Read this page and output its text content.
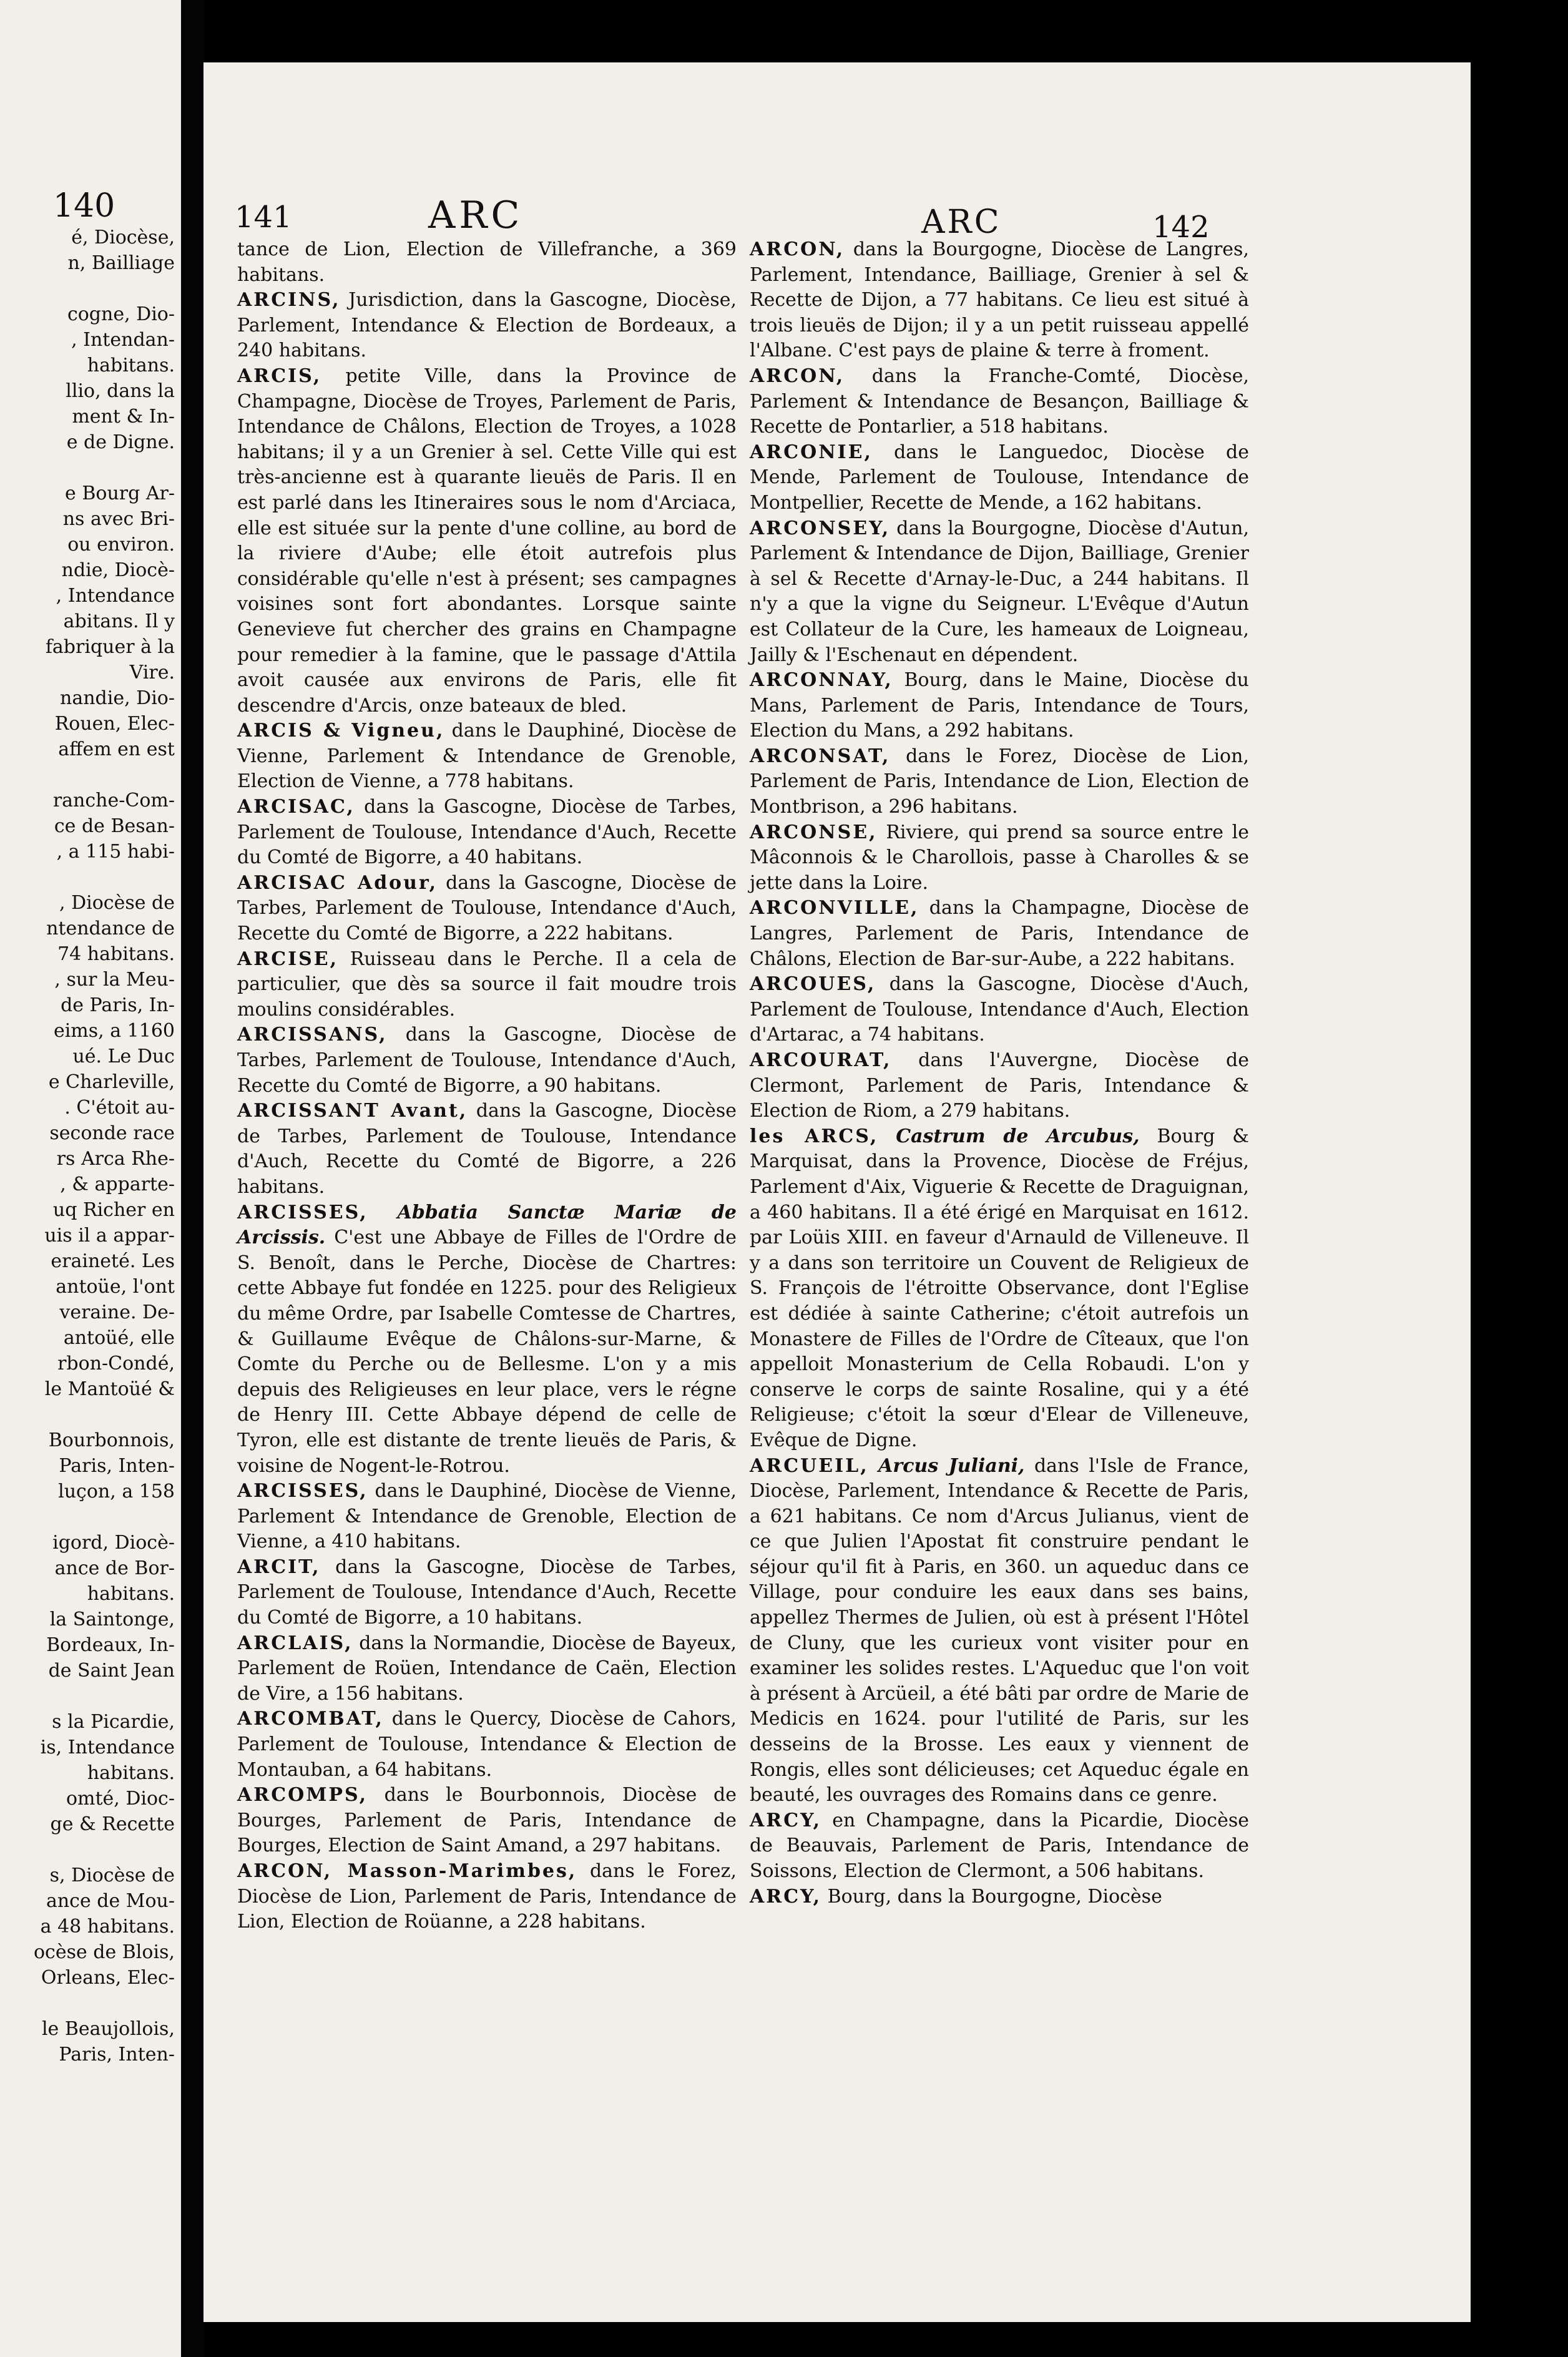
140
é, Diocèse,
n, Bailliage

cogne, Dio-
, Intendan-
habitans.
llio, dans la
ment & In-
e de Digne.

e Bourg Ar-
ns avec Bri-
ou environ.
ndie, Diocè-
, Intendance
abitans. Il y
fabriquer à la
Vire.
nandie, Dio-
Rouen, Elec-
affem en est

ranche-Com-
ce de Besan-
, a 115 habi-

, Diocèse de
ntendance de
74 habitans.
, sur la Meu-
de Paris, In-
eims, a 1160
ué. Le Duc
e Charleville,
. C'étoit au-
seconde race
rs Arca Rhe-
, & apparte-
uq Richer en
uis il a appar-
eraineté. Les
antoüe, l'ont
veraine. De-
antoüé, elle
rbon-Condé,
le Mantoüé &

Bourbonnois,
Paris, Inten-
luçon, a 158

igord, Diocè-
ance de Bor-
habitans.
la Saintonge,
Bordeaux, In-
de Saint Jean

s la Picardie,
is, Intendance
habitans.
omté, Dioc-
ge & Recette

s, Diocèse de
ance de Mou-
a 48 habitans.
ocèse de Blois,
Orleans, Elec-

le Beaujollois,
Paris, Inten-
141	ARC	ARC	142

tance de Lion, Election de Villefranche, a 369 habitans.

ARCINS, Jurisdiction, dans la Gascogne, Diocèse, Parlement, Intendance & Election de Bordeaux, a 240 habitans.

ARCIS, petite Ville, dans la Province de Champagne, Diocèse de Troyes, Parlement de Paris, Intendance de Châlons, Election de Troyes, a 1028 habitans; il y a un Grenier à sel. Cette Ville qui est très-ancienne est à quarante lieuës de Paris. Il en est parlé dans les Itineraires sous le nom d'Arciaca, elle est située sur la pente d'une colline, au bord de la riviere d'Aube; elle étoit autrefois plus considérable qu'elle n'est à présent; ses campagnes voisines sont fort abondantes. Lorsque sainte Genevieve fut chercher des grains en Champagne pour remedier à la famine, que le passage d'Attila avoit causée aux environs de Paris, elle fit descendre d'Arcis, onze bateaux de bled.

ARCIS & Vigneu, dans le Dauphiné, Diocèse de Vienne, Parlement & Intendance de Grenoble, Election de Vienne, a 778 habitans.

ARCISAC, dans la Gascogne, Diocèse de Tarbes, Parlement de Toulouse, Intendance d'Auch, Recette du Comté de Bigorre, a 40 habitans.

ARCISAC Adour, dans la Gascogne, Diocèse de Tarbes, Parlement de Toulouse, Intendance d'Auch, Recette du Comté de Bigorre, a 222 habitans.

ARCISE, Ruisseau dans le Perche. Il a cela de particulier, que dès sa source il fait moudre trois moulins considérables.

ARCISSANS, dans la Gascogne, Diocèse de Tarbes, Parlement de Toulouse, Intendance d'Auch, Recette du Comté de Bigorre, a 90 habitans.

ARCISSANT Avant, dans la Gascogne, Diocèse de Tarbes, Parlement de Toulouse, Intendance d'Auch, Recette du Comté de Bigorre, a 226 habitans.

ARCISSES, Abbatia Sanctæ Mariæ de Arcissis. C'est une Abbaye de Filles de l'Ordre de S. Benoît, dans le Perche, Diocèse de Chartres: cette Abbaye fut fondée en 1225. pour des Religieux du même Ordre, par Isabelle Comtesse de Chartres, & Guillaume Evêque de Châlons-sur-Marne, & Comte du Perche ou de Bellesme. L'on y a mis depuis des Religieuses en leur place, vers le régne de Henry III. Cette Abbaye dépend de celle de Tyron, elle est distante de trente lieuës de Paris, & voisine de Nogent-le-Rotrou.

ARCISSES, dans le Dauphiné, Diocèse de Vienne, Parlement & Intendance de Grenoble, Election de Vienne, a 410 habitans.

ARCIT, dans la Gascogne, Diocèse de Tarbes, Parlement de Toulouse, Intendance d'Auch, Recette du Comté de Bigorre, a 10 habitans.

ARCLAIS, dans la Normandie, Diocèse de Bayeux, Parlement de Roüen, Intendance de Caën, Election de Vire, a 156 habitans.

ARCOMBAT, dans le Quercy, Diocèse de Cahors, Parlement de Toulouse, Intendance & Election de Montauban, a 64 habitans.

ARCOMPS, dans le Bourbonnois, Diocèse de Bourges, Parlement de Paris, Intendance de Bourges, Election de Saint Amand, a 297 habitans.

ARCON, Masson-Marimbes, dans le Forez, Diocèse de Lion, Parlement de Paris, Intendance de Lion, Election de Roüanne, a 228 habitans.

ARCON, dans la Bourgogne, Diocèse de Langres, Parlement, Intendance, Bailliage, Grenier à sel & Recette de Dijon, a 77 habitans. Ce lieu est situé à trois lieuës de Dijon; il y a un petit ruisseau appellé l'Albane. C'est pays de plaine & terre à froment.

ARCON, dans la Franche-Comté, Diocèse, Parlement & Intendance de Besançon, Bailliage & Recette de Pontarlier, a 518 habitans.

ARCONIE, dans le Languedoc, Diocèse de Mende, Parlement de Toulouse, Intendance de Montpellier, Recette de Mende, a 162 habitans.

ARCONSEY, dans la Bourgogne, Diocèse d'Autun, Parlement & Intendance de Dijon, Bailliage, Grenier à sel & Recette d'Arnay-le-Duc, a 244 habitans. Il n'y a que la vigne du Seigneur. L'Evêque d'Autun est Collateur de la Cure, les hameaux de Loigneau, Jailly & l'Eschenaut en dépendent.

ARCONNAY, Bourg, dans le Maine, Diocèse du Mans, Parlement de Paris, Intendance de Tours, Election du Mans, a 292 habitans.

ARCONSAT, dans le Forez, Diocèse de Lion, Parlement de Paris, Intendance de Lion, Election de Montbrison, a 296 habitans.

ARCONSE, Riviere, qui prend sa source entre le Mâconnois & le Charollois, passe à Charolles & se jette dans la Loire.

ARCONVILLE, dans la Champagne, Diocèse de Langres, Parlement de Paris, Intendance de Châlons, Election de Bar-sur-Aube, a 222 habitans.

ARCOUES, dans la Gascogne, Diocèse d'Auch, Parlement de Toulouse, Intendance d'Auch, Election d'Artarac, a 74 habitans.

ARCOURAT, dans l'Auvergne, Diocèse de Clermont, Parlement de Paris, Intendance & Election de Riom, a 279 habitans.

les ARCS, Castrum de Arcubus, Bourg & Marquisat, dans la Provence, Diocèse de Fréjus, Parlement d'Aix, Viguerie & Recette de Draguignan, a 460 habitans. Il a été érigé en Marquisat en 1612. par Loüis XIII. en faveur d'Arnauld de Villeneuve. Il y a dans son territoire un Couvent de Religieux de S. François de l'étroitte Observance, dont l'Eglise est dédiée à sainte Catherine; c'étoit autrefois un Monastere de Filles de l'Ordre de Cîteaux, que l'on appelloit Monasterium de Cella Robaudi. L'on y conserve le corps de sainte Rosaline, qui y a été Religieuse; c'étoit la sœur d'Elear de Villeneuve, Evêque de Digne.

ARCUEIL, Arcus Juliani, dans l'Isle de France, Diocèse, Parlement, Intendance & Recette de Paris, a 621 habitans. Ce nom d'Arcus Julianus, vient de ce que Julien l'Apostat fit construire pendant le séjour qu'il fit à Paris, en 360. un aqueduc dans ce Village, pour conduire les eaux dans ses bains, appellez Thermes de Julien, où est à présent l'Hôtel de Cluny, que les curieux vont visiter pour en examiner les solides restes. L'Aqueduc que l'on voit à présent à Arcüeil, a été bâti par ordre de Marie de Medicis en 1624. pour l'utilité de Paris, sur les desseins de la Brosse. Les eaux y viennent de Rongis, elles sont délicieuses; cet Aqueduc égale en beauté, les ouvrages des Romains dans ce genre.

ARCY, en Champagne, dans la Picardie, Diocèse de Beauvais, Parlement de Paris, Intendance de Soissons, Election de Clermont, a 506 habitans.

ARCY, Bourg, dans la Bourgogne, Diocèse
